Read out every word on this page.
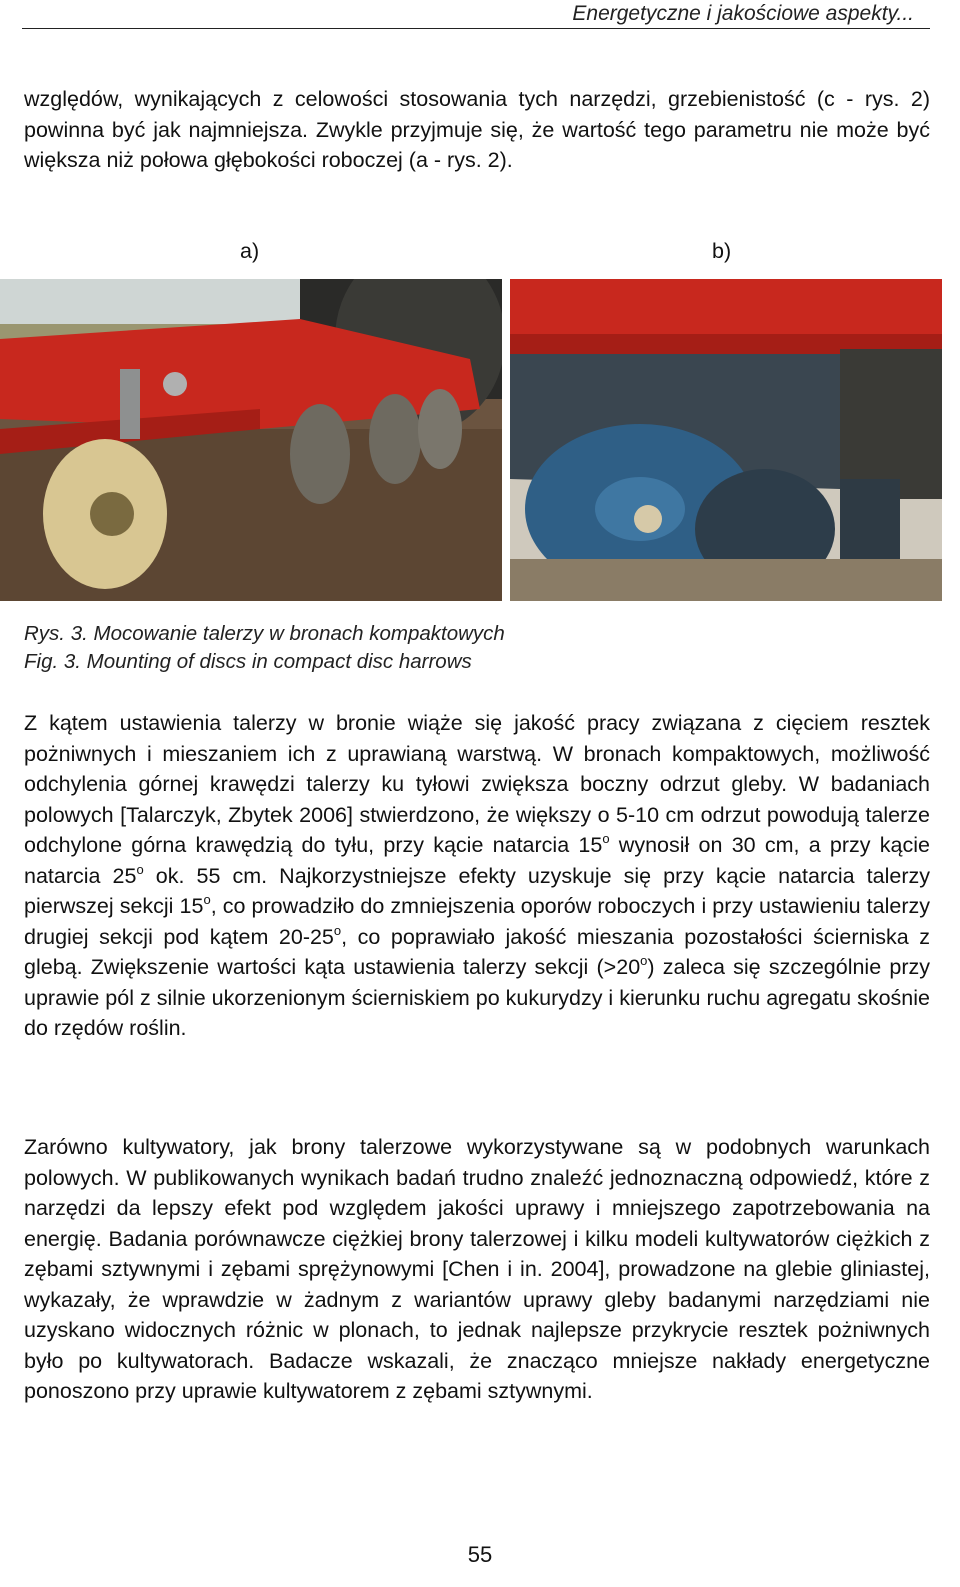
Energetyczne i jakościowe aspekty...

względów, wynikających z celowości stosowania tych narzędzi, grzebienistość (c - rys. 2) powinna być jak najmniejsza. Zwykle przyjmuje się, że wartość tego parametru nie może być większa niż połowa głębokości roboczej (a - rys. 2).

a)	b)
Rys. 3. Mocowanie talerzy w bronach kompaktowych
Fig. 3. Mounting of discs in compact disc harrows

Z kątem ustawienia talerzy w bronie wiąże się jakość pracy związana z cięciem resztek pożniwnych i mieszaniem ich z uprawianą warstwą. W bronach kompaktowych, możliwość odchylenia górnej krawędzi talerzy ku tyłowi zwiększa boczny odrzut gleby. W badaniach polowych [Talarczyk, Zbytek 2006] stwierdzono, że większy o 5-10 cm odrzut powodują talerze odchylone górna krawędzią do tyłu, przy kącie natarcia 15$^o$ wynosił on 30 cm, a przy kącie natarcia 25$^o$ ok. 55 cm. Najkorzystniejsze efekty uzyskuje się przy kącie natarcia talerzy pierwszej sekcji 15$^o$, co prowadziło do zmniejszenia oporów roboczych i przy ustawieniu talerzy drugiej sekcji pod kątem 20-25$^o$, co poprawiało jakość mieszania pozostałości ścierniska z glebą. Zwiększenie wartości kąta ustawienia talerzy sekcji $(>20^o)$ zaleca się szczególnie przy uprawie pól z silnie ukorzenionym ścierniskiem po kukurydzy i kierunku ruchu agregatu skośnie do rzędów roślin.

Zarówno kultywatory, jak brony talerzowe wykorzystywane są w podobnych warunkach polowych. W publikowanych wynikach badań trudno znaleźć jednoznaczną odpowiedź, które z narzędzi da lepszy efekt pod względem jakości uprawy i mniejszego zapotrzebowania na energię. Badania porównawcze ciężkiej brony talerzowej i kilku modeli kultywatorów ciężkich z zębami sztywnymi i zębami sprężynowymi [Chen i in. 2004], prowadzone na glebie gliniastej, wykazały, że wprawdzie w żadnym z wariantów uprawy gleby badanymi narzędziami nie uzyskano widocznych różnic w plonach, to jednak najlepsze przykrycie resztek pożniwnych było po kultywatorach. Badacze wskazali, że znacząco mniejsze nakłady energetyczne ponoszono przy uprawie kultywatorem z zębami sztywnymi.

55
